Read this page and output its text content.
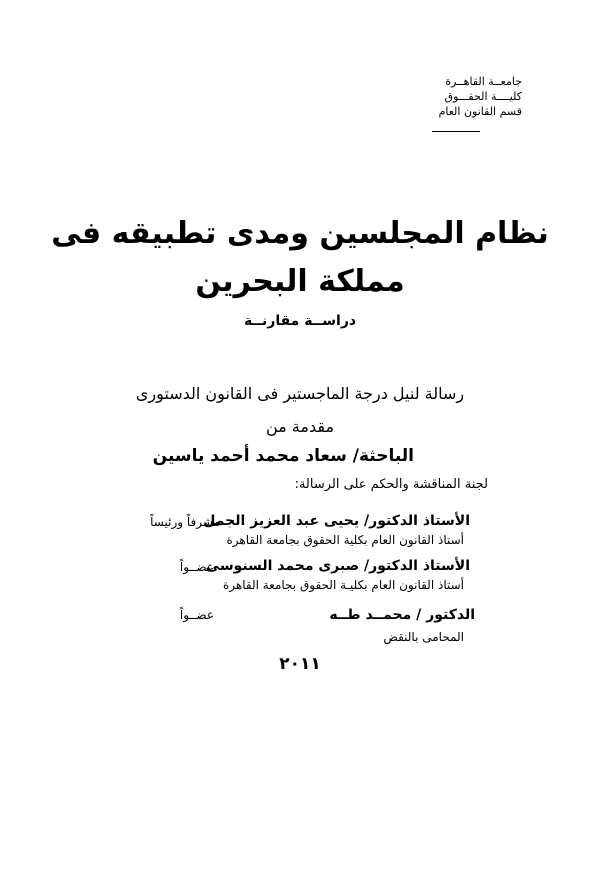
جامعــة القاهــرة
كليــــة الحقـــوق
قسم القانون العام
نظام المجلسين ومدى تطبيقه فى
مملكة البحرين
دراســة مقارنــة
رسالة لنيل درجة الماجستير فى القانون الدستورى
مقدمة من
الباحثة/ سعاد محمد أحمد ياسين
لجنة المناقشة والحكم على الرسالة:
الأستاذ الدكتور/ يحيى عبد العزيز الجمل
أستاذ القانون العام بكلية الحقوق بجامعة القاهرة
مشرفاً ورئيساً
الأستاذ الدكتور/ صبرى محمد السنوسى
أستاذ القانون العام بكليـة الحقوق بجامعة القاهرة
عضــواً
الدكتور / محمــد طــه
المحامى بالنقض
عضــواً
٢٠١١
